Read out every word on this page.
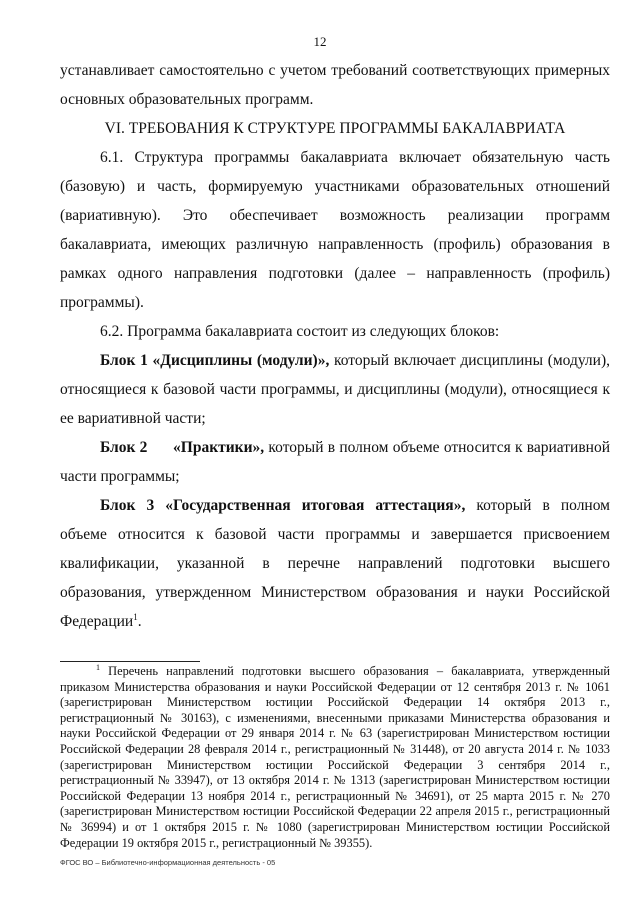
12

устанавливает самостоятельно с учетом требований соответствующих примерных основных образовательных программ.

VI. ТРЕБОВАНИЯ К СТРУКТУРЕ ПРОГРАММЫ БАКАЛАВРИАТА

6.1. Структура программы бакалавриата включает обязательную часть (базовую) и часть, формируемую участниками образовательных отношений (вариативную). Это обеспечивает возможность реализации программ бакалавриата, имеющих различную направленность (профиль) образования в рамках одного направления подготовки (далее – направленность (профиль) программы).

6.2. Программа бакалавриата состоит из следующих блоков:

Блок 1 «Дисциплины (модули)», который включает дисциплины (модули), относящиеся к базовой части программы, и дисциплины (модули), относящиеся к ее вариативной части;

Блок 2 «Практики», который в полном объеме относится к вариативной части программы;

Блок 3 «Государственная итоговая аттестация», который в полном объеме относится к базовой части программы и завершается присвоением квалификации, указанной в перечне направлений подготовки высшего образования, утвержденном Министерством образования и науки Российской Федерации$^1$.

$^1$ Перечень направлений подготовки высшего образования – бакалавриата, утвержденный приказом Министерства образования и науки Российской Федерации от 12 сентября 2013 г. № 1061 (зарегистрирован Министерством юстиции Российской Федерации 14 октября 2013 г., регистрационный № 30163), с изменениями, внесенными приказами Министерства образования и науки Российской Федерации от 29 января 2014 г. № 63 (зарегистрирован Министерством юстиции Российской Федерации 28 февраля 2014 г., регистрационный № 31448), от 20 августа 2014 г. № 1033 (зарегистрирован Министерством юстиции Российской Федерации 3 сентября 2014 г., регистрационный № 33947), от 13 октября 2014 г. № 1313 (зарегистрирован Министерством юстиции Российской Федерации 13 ноября 2014 г., регистрационный № 34691), от 25 марта 2015 г. № 270 (зарегистрирован Министерством юстиции Российской Федерации 22 апреля 2015 г., регистрационный № 36994) и от 1 октября 2015 г. № 1080 (зарегистрирован Министерством юстиции Российской Федерации 19 октября 2015 г., регистрационный № 39355).

ФГОС ВО – Библиотечно-информационная деятельность - 05
